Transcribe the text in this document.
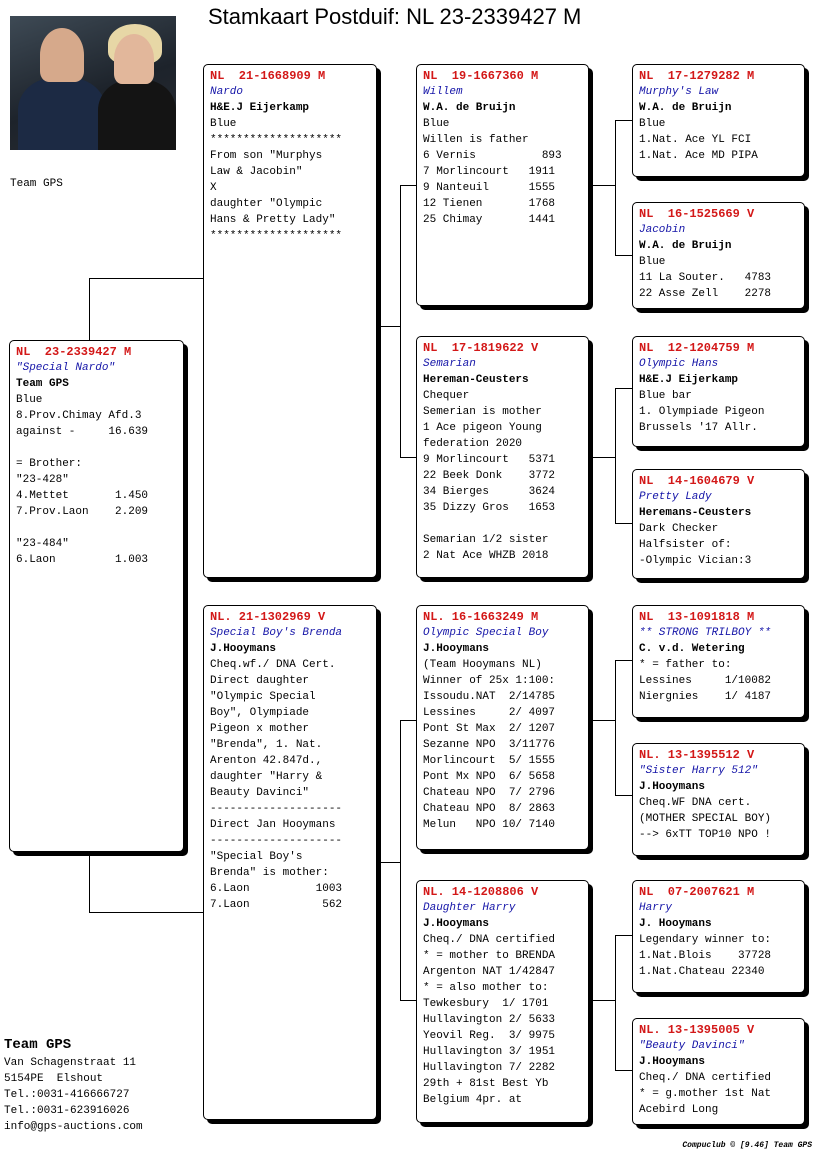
Stamkaart Postduif: NL 23-2339427 M
Team GPS
NL  23-2339427 M
"Special Nardo"
Team GPS
Blue
8.Prov.Chimay Afd.3
against -     16.639
= Brother:
"23-428"
4.Mettet       1.450
7.Prov.Laon    2.209
"23-484"
6.Laon         1.003
NL  21-1668909 M
Nardo
H&E.J Eijerkamp
Blue
********************
From son "Murphys
Law & Jacobin"
X
daughter "Olympic
Hans & Pretty Lady"
********************
NL. 21-1302969 V
Special Boy's Brenda
J.Hooymans
Cheq.wf./ DNA Cert.
Direct daughter
"Olympic Special
Boy", Olympiade
Pigeon x mother
"Brenda", 1. Nat.
Arenton 42.847d.,
daughter "Harry &
Beauty Davinci"
--------------------
Direct Jan Hooymans
--------------------
"Special Boy's
Brenda" is mother:
6.Laon          1003
7.Laon           562
NL  19-1667360 M
Willem
W.A. de Bruijn
Blue
Willen is father
6 Vernis          893
7 Morlincourt   1911
9 Nanteuil      1555
12 Tienen       1768
25 Chimay       1441
NL  17-1819622 V
Semarian
Hereman-Ceusters
Chequer
Semerian is mother
1 Ace pigeon Young
federation 2020
9 Morlincourt   5371
22 Beek Donk    3772
34 Bierges      3624
35 Dizzy Gros   1653
Semarian 1/2 sister
2 Nat Ace WHZB 2018
NL. 16-1663249 M
Olympic Special Boy
J.Hooymans
(Team Hooymans NL)
Winner of 25x 1:100:
Issoudu.NAT  2/14785
Lessines     2/ 4097
Pont St Max  2/ 1207
Sezanne NPO  3/11776
Morlincourt  5/ 1555
Pont Mx NPO  6/ 5658
Chateau NPO  7/ 2796
Chateau NPO  8/ 2863
Melun   NPO 10/ 7140
NL. 14-1208806 V
Daughter Harry
J.Hooymans
Cheq./ DNA certified
* = mother to BRENDA
Argenton NAT 1/42847
* = also mother to:
Tewkesbury  1/ 1701
Hullavington 2/ 5633
Yeovil Reg.  3/ 9975
Hullavington 3/ 1951
Hullavington 7/ 2282
29th + 81st Best Yb
Belgium 4pr. at
NL  17-1279282 M
Murphy's Law
W.A. de Bruijn
Blue
1.Nat. Ace YL FCI
1.Nat. Ace MD PIPA
NL  16-1525669 V
Jacobin
W.A. de Bruijn
Blue
11 La Souter.   4783
22 Asse Zell    2278
NL  12-1204759 M
Olympic Hans
H&E.J Eijerkamp
Blue bar
1. Olympiade Pigeon
Brussels '17 Allr.
NL  14-1604679 V
Pretty Lady
Heremans-Ceusters
Dark Checker
Halfsister of:
-Olympic Vician:3
NL  13-1091818 M
** STRONG TRILBOY **
C. v.d. Wetering
* = father to:
Lessines     1/10082
Niergnies    1/ 4187
NL. 13-1395512 V
"Sister Harry 512"
J.Hooymans
Cheq.WF DNA cert.
(MOTHER SPECIAL BOY)
--> 6xTT TOP10 NPO !
NL  07-2007621 M
Harry
J. Hooymans
Legendary winner to:
1.Nat.Blois    37728
1.Nat.Chateau 22340
NL. 13-1395005 V
"Beauty Davinci"
J.Hooymans
Cheq./ DNA certified
* = g.mother 1st Nat
Acebird Long
Team GPS
Van Schagenstraat 11
5154PE  Elshout
Tel.:0031-416666727
Tel.:0031-623916026
info@gps-auctions.com
Compuclub © [9.46] Team GPS
